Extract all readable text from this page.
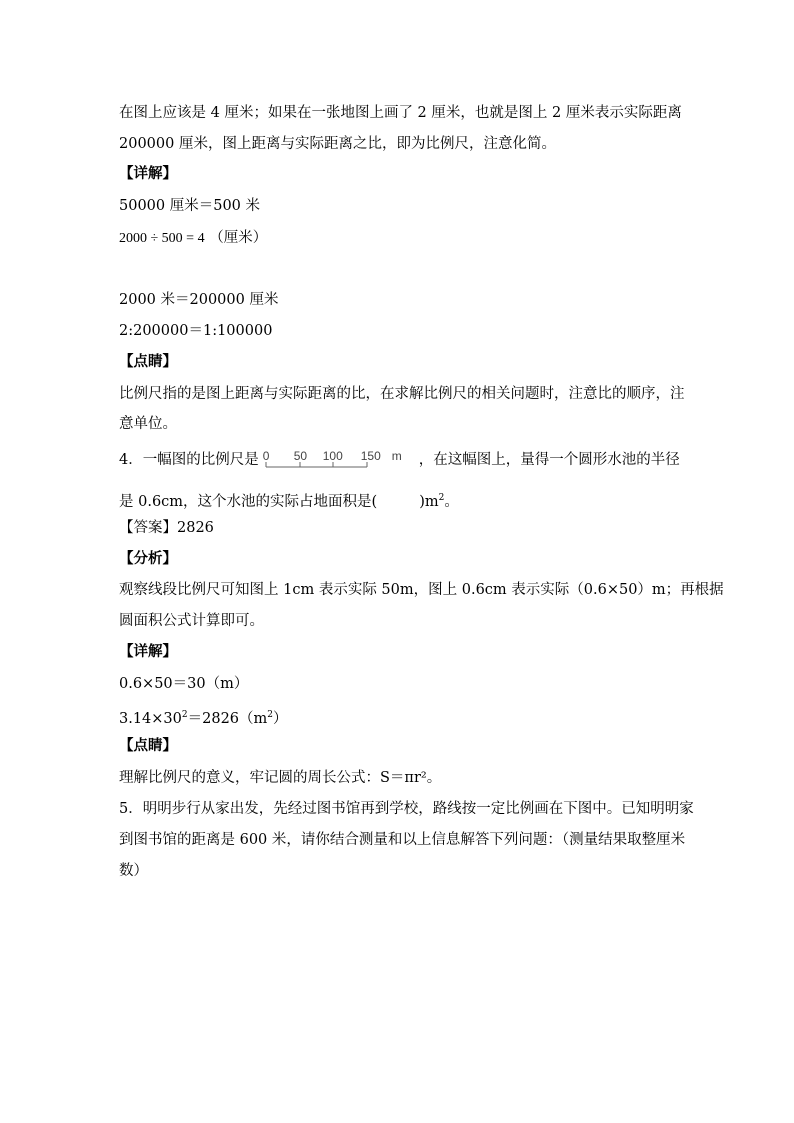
在图上应该是 4 厘米；如果在一张地图上画了 2 厘米，也就是图上 2 厘米表示实际距离
200000 厘米，图上距离与实际距离之比，即为比例尺，注意化简。
【详解】
50000 厘米＝500 米
2000 ÷ 500 = 4 （厘米）
2000 米＝200000 厘米
2:200000＝1:100000
【点睛】
比例尺指的是图上距离与实际距离的比，在求解比例尺的相关问题时，注意比的顺序，注
意单位。
4．一幅图的比例尺是 0 50 100 150 m ，在这幅图上，量得一个圆形水池的半径
是 0.6cm，这个水池的实际占地面积是(	)$m^2$。
【答案】2826
【分析】
观察线段比例尺可知图上 1cm 表示实际 50m，图上 0.6cm 表示实际（0.6×50）m；再根据
圆面积公式计算即可。
【详解】
0.6×50＝30（m）
$3.14\times 30^2=2826(m^2)$
【点睛】
理解比例尺的意义，牢记圆的周长公式：S＝πr²。
5．明明步行从家出发，先经过图书馆再到学校，路线按一定比例画在下图中。已知明明家
到图书馆的距离是 600 米，请你结合测量和以上信息解答下列问题：（测量结果取整厘米
数）
